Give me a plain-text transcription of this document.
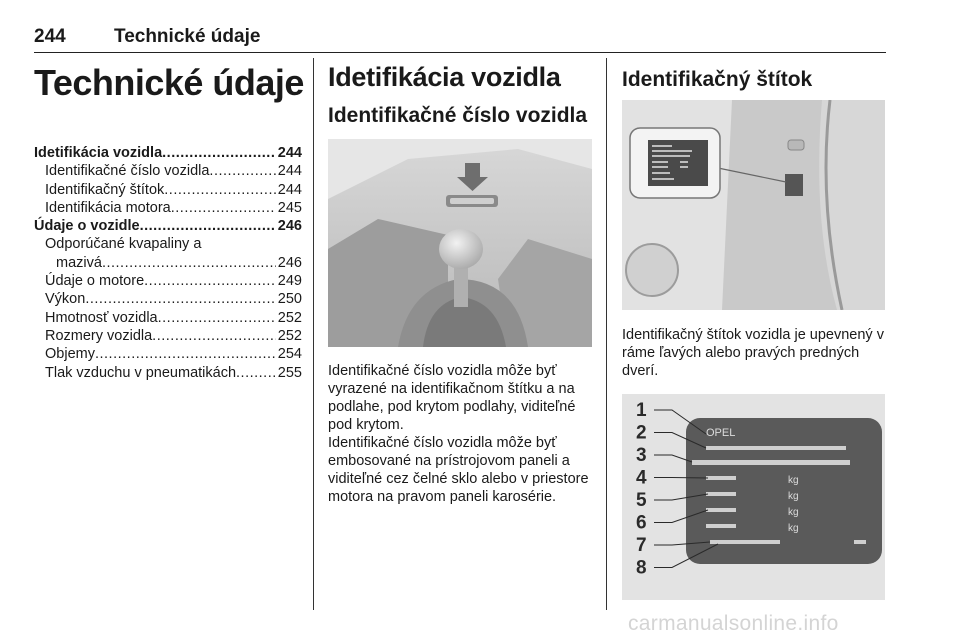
244	Technické údaje
Technické údaje
Idetifikácia vozidla .....	244
Identifikačné číslo vozidla .....	244
Identifikačný štítok .....	244
Identifikácia motora .....	245
Údaje o vozidle .....	246
Odporúčané kvapaliny a
mazivá .....	246
Údaje o motore .....	249
Výkon .....	250
Hmotnosť vozidla .....	252
Rozmery vozidla .....	252
Objemy .....	254
Tlak vzduchu v pneumatikách .....	255
Idetifikácia vozidla
Identifikačné číslo vozidla
Identifikačné číslo vozidla môže byť vyrazené na identifikačnom štítku a na podlahe, pod krytom podlahy, viditeľné pod krytom.
Identifikačné číslo vozidla môže byť embosované na prístrojovom paneli a viditeľné cez čelné sklo alebo v priestore motora na pravom paneli karosérie.
Identifikačný štítok
Identifikačný štítok vozidla je upevnený v ráme ľavých alebo pravých predných dverí.
OPEL
kg
kg
kg
kg
1
2
3
4
5
6
7
8
carmanualsonline.info
